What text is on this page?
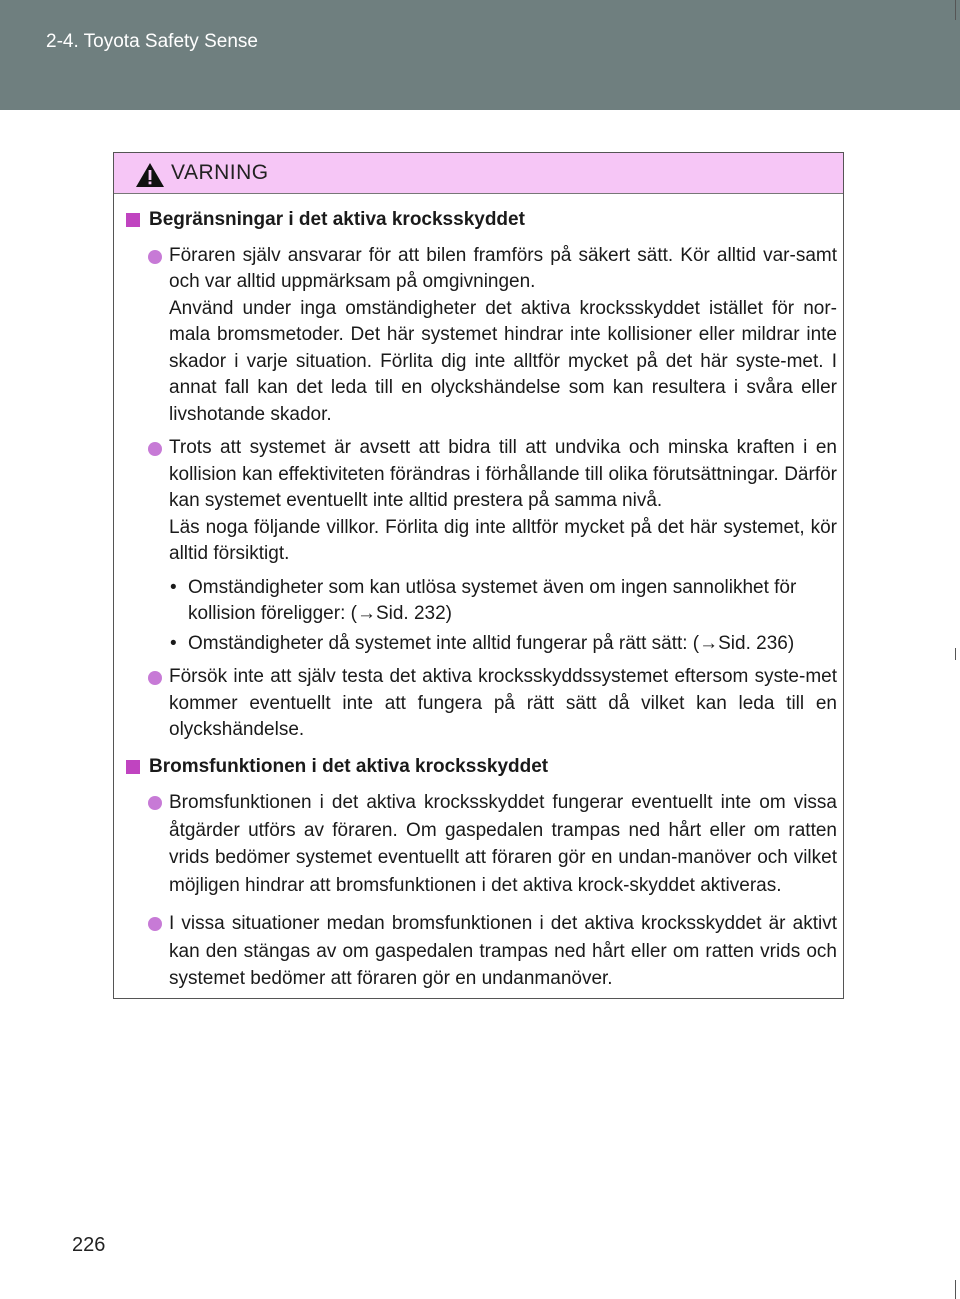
2-4. Toyota Safety Sense
VARNING
Begränsningar i det aktiva krocksskyddet
Föraren själv ansvarar för att bilen framförs på säkert sätt. Kör alltid var-samt och var alltid uppmärksam på omgivningen.
Använd under inga omständigheter det aktiva krocksskyddet istället för nor-mala bromsmetoder. Det här systemet hindrar inte kollisioner eller mildrar inte skador i varje situation. Förlita dig inte alltför mycket på det här syste-met. I annat fall kan det leda till en olyckshändelse som kan resultera i svåra eller livshotande skador.
Trots att systemet är avsett att bidra till att undvika och minska kraften i en kollision kan effektiviteten förändras i förhållande till olika förutsättningar. Därför kan systemet eventuellt inte alltid prestera på samma nivå.
Läs noga följande villkor. Förlita dig inte alltför mycket på det här systemet, kör alltid försiktigt.
• Omständigheter som kan utlösa systemet även om ingen sannolikhet för kollision föreligger: (→Sid. 232)
• Omständigheter då systemet inte alltid fungerar på rätt sätt: (→Sid. 236)
Försök inte att själv testa det aktiva krocksskyddssystemet eftersom syste-met kommer eventuellt inte att fungera på rätt sätt då vilket kan leda till en olyckshändelse.
Bromsfunktionen i det aktiva krocksskyddet
Bromsfunktionen i det aktiva krocksskyddet fungerar eventuellt inte om vissa åtgärder utförs av föraren. Om gaspedalen trampas ned hårt eller om ratten vrids bedömer systemet eventuellt att föraren gör en undan-manöver och vilket möjligen hindrar att bromsfunktionen i det aktiva krock-skyddet aktiveras.
I vissa situationer medan bromsfunktionen i det aktiva krocksskyddet är aktivt kan den stängas av om gaspedalen trampas ned hårt eller om ratten vrids och systemet bedömer att föraren gör en undanmanöver.
226
